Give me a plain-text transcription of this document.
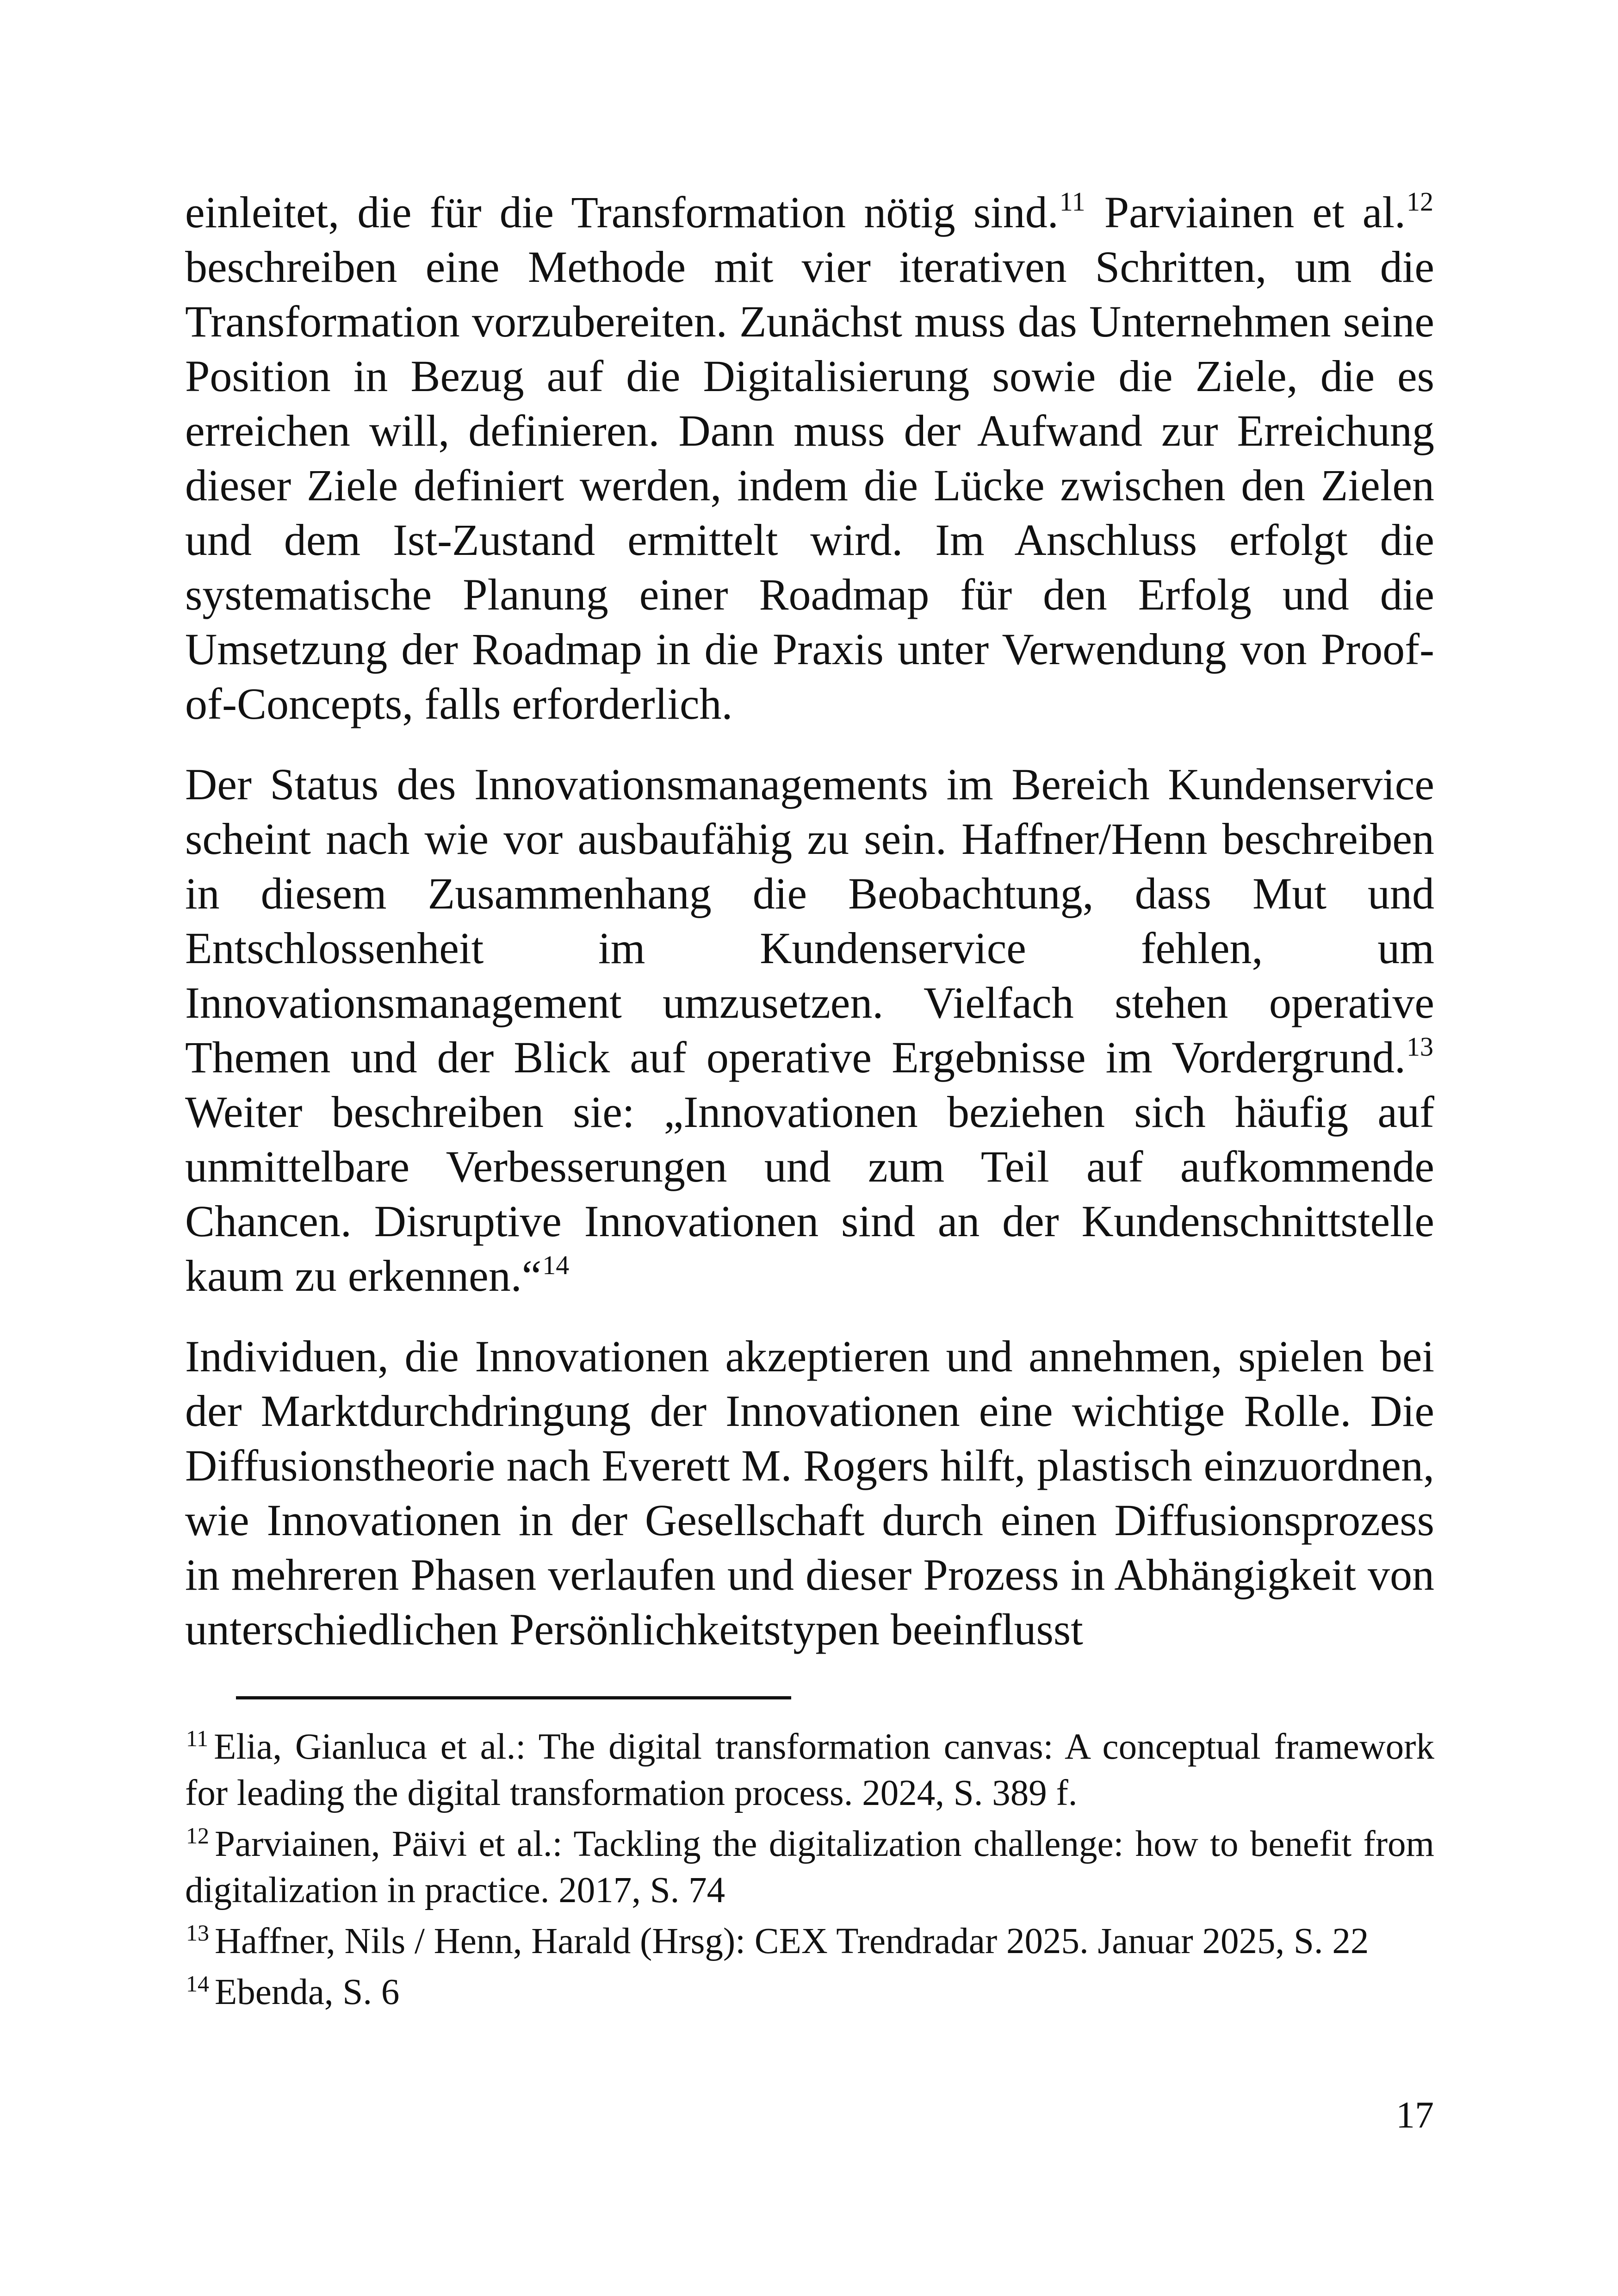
einleitet, die für die Transformation nötig sind.$^{11}$ Parviainen et al.$^{12}$ beschreiben eine Methode mit vier iterativen Schritten, um die Transformation vorzubereiten. Zunächst muss das Unternehmen seine Position in Bezug auf die Digitalisierung sowie die Ziele, die es erreichen will, definieren. Dann muss der Aufwand zur Erreichung dieser Ziele definiert werden, indem die Lücke zwischen den Zielen und dem Ist-Zustand ermittelt wird. Im Anschluss erfolgt die systematische Planung einer Roadmap für den Erfolg und die Umsetzung der Roadmap in die Praxis unter Verwendung von Proof-of-Concepts, falls erforderlich.

Der Status des Innovationsmanagements im Bereich Kundenservice scheint nach wie vor ausbaufähig zu sein. Haffner/Henn beschreiben in diesem Zusammenhang die Beobachtung, dass Mut und Entschlossenheit im Kundenservice fehlen, um Innovationsmanagement umzusetzen. Vielfach stehen operative Themen und der Blick auf operative Ergebnisse im Vordergrund.$^{13}$ Weiter beschreiben sie: „Innovationen beziehen sich häufig auf unmittelbare Verbesserungen und zum Teil auf aufkommende Chancen. Disruptive Innovationen sind an der Kundenschnittstelle kaum zu erkennen.“$^{14}$

Individuen, die Innovationen akzeptieren und annehmen, spielen bei der Marktdurchdringung der Innovationen eine wichtige Rolle. Die Diffusionstheorie nach Everett M. Rogers hilft, plastisch einzuordnen, wie Innovationen in der Gesellschaft durch einen Diffusionsprozess in mehreren Phasen verlaufen und dieser Prozess in Abhängigkeit von unterschiedlichen Persönlichkeitstypen beeinflusst

$^{11}$ Elia, Gianluca et al.: The digital transformation canvas: A conceptual framework for leading the digital transformation process. 2024, S. 389 f.

$^{12}$ Parviainen, Päivi et al.: Tackling the digitalization challenge: how to benefit from digitalization in practice. 2017, S. 74

$^{13}$ Haffner, Nils / Henn, Harald (Hrsg): CEX Trendradar 2025. Januar 2025, S. 22

$^{14}$ Ebenda, S. 6

17
